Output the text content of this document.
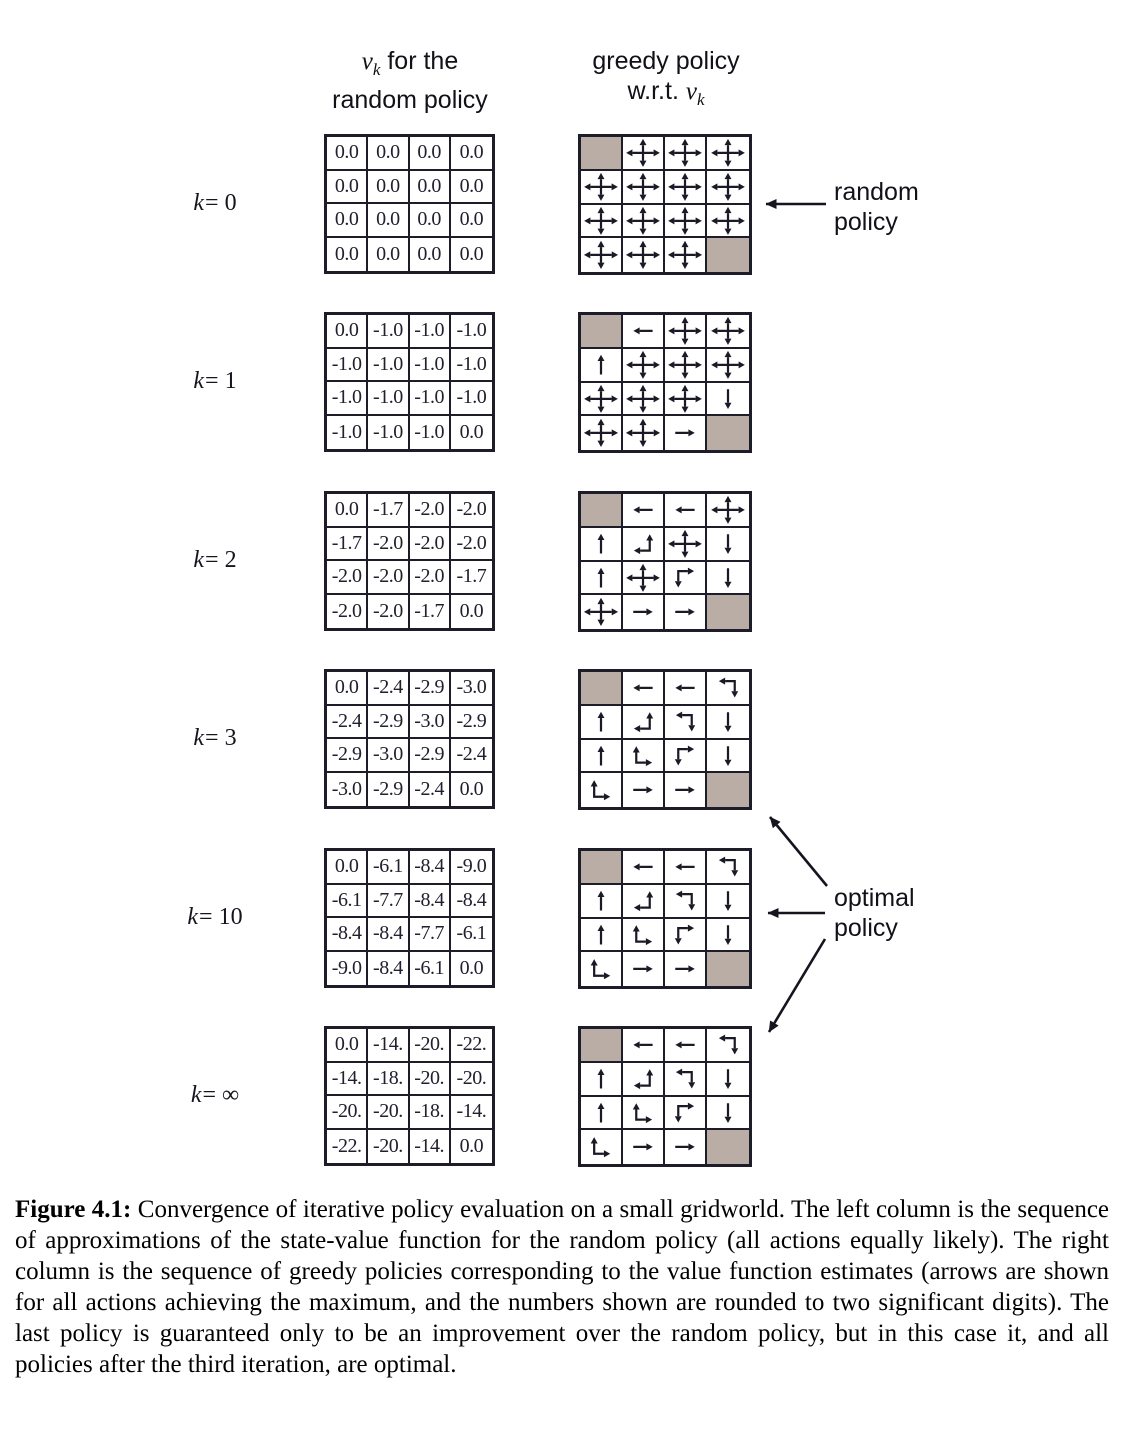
$v_k$ for the
random policy
greedy policy
w.r.t. $v_k$
k= 0
0.0 0.0 0.0 0.0
0.0 0.0 0.0 0.0
0.0 0.0 0.0 0.0
0.0 0.0 0.0 0.0
k= 1
0.0 -1.0 -1.0 -1.0
-1.0 -1.0 -1.0 -1.0
-1.0 -1.0 -1.0 -1.0
-1.0 -1.0 -1.0 0.0
k= 2
0.0 -1.7 -2.0 -2.0
-1.7 -2.0 -2.0 -2.0
-2.0 -2.0 -2.0 -1.7
-2.0 -2.0 -1.7 0.0
k= 3
0.0 -2.4 -2.9 -3.0
-2.4 -2.9 -3.0 -2.9
-2.9 -3.0 -2.9 -2.4
-3.0 -2.9 -2.4 0.0
k= 10
0.0 -6.1 -8.4 -9.0
-6.1 -7.7 -8.4 -8.4
-8.4 -8.4 -7.7 -6.1
-9.0 -8.4 -6.1 0.0
k= ∞
0.0 -14. -20. -22.
-14. -18. -20. -20.
-20. -20. -18. -14.
-22. -20. -14. 0.0
random
policy
optimal
policy
Figure 4.1: Convergence of iterative policy evaluation on a small gridworld. The left column is the sequence of approximations of the state-value function for the random policy (all actions equally likely). The right column is the sequence of greedy policies corresponding to the value function estimates (arrows are shown for all actions achieving the maximum, and the numbers shown are rounded to two significant digits). The last policy is guaranteed only to be an improvement over the random policy, but in this case it, and all policies after the third iteration, are optimal.
